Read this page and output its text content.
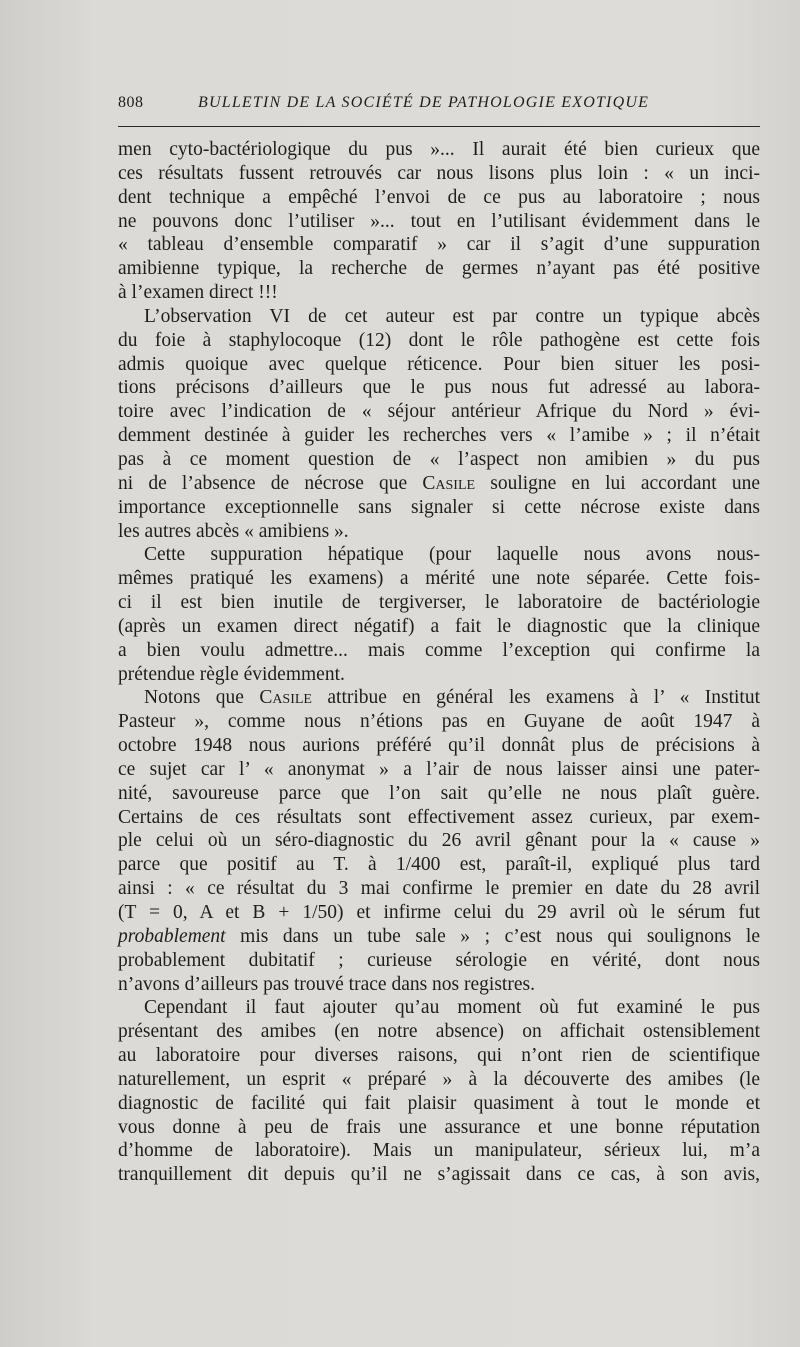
808	BULLETIN DE LA SOCIÉTÉ DE PATHOLOGIE EXOTIQUE
men cyto-bactériologique du pus »... Il aurait été bien curieux que
ces résultats fussent retrouvés car nous lisons plus loin : « un inci-
dent technique a empêché l’envoi de ce pus au laboratoire ; nous
ne pouvons donc l’utiliser »... tout en l’utilisant évidemment dans le
« tableau d’ensemble comparatif » car il s’agit d’une suppuration
amibienne typique, la recherche de germes n’ayant pas été positive
à l’examen direct !!!
L’observation VI de cet auteur est par contre un typique abcès
du foie à staphylocoque (12) dont le rôle pathogène est cette fois
admis quoique avec quelque réticence. Pour bien situer les posi-
tions précisons d’ailleurs que le pus nous fut adressé au labora-
toire avec l’indication de « séjour antérieur Afrique du Nord » évi-
demment destinée à guider les recherches vers « l’amibe » ; il n’était
pas à ce moment question de « l’aspect non amibien » du pus
ni de l’absence de nécrose que Casile souligne en lui accordant une
importance exceptionnelle sans signaler si cette nécrose existe dans
les autres abcès « amibiens ».
Cette suppuration hépatique (pour laquelle nous avons nous-
mêmes pratiqué les examens) a mérité une note séparée. Cette fois-
ci il est bien inutile de tergiverser, le laboratoire de bactériologie
(après un examen direct négatif) a fait le diagnostic que la clinique
a bien voulu admettre... mais comme l’exception qui confirme la
prétendue règle évidemment.
Notons que Casile attribue en général les examens à l’ « Institut
Pasteur », comme nous n’étions pas en Guyane de août 1947 à
octobre 1948 nous aurions préféré qu’il donnât plus de précisions à
ce sujet car l’ « anonymat » a l’air de nous laisser ainsi une pater-
nité, savoureuse parce que l’on sait qu’elle ne nous plaît guère.
Certains de ces résultats sont effectivement assez curieux, par exem-
ple celui où un séro-diagnostic du 26 avril gênant pour la « cause »
parce que positif au T. à 1/400 est, paraît-il, expliqué plus tard
ainsi : « ce résultat du 3 mai confirme le premier en date du 28 avril
(T = 0, A et B + 1/50) et infirme celui du 29 avril où le sérum fut
probablement mis dans un tube sale » ; c’est nous qui soulignons le
probablement dubitatif ; curieuse sérologie en vérité, dont nous
n’avons d’ailleurs pas trouvé trace dans nos registres.
Cependant il faut ajouter qu’au moment où fut examiné le pus
présentant des amibes (en notre absence) on affichait ostensiblement
au laboratoire pour diverses raisons, qui n’ont rien de scientifique
naturellement, un esprit « préparé » à la découverte des amibes (le
diagnostic de facilité qui fait plaisir quasiment à tout le monde et
vous donne à peu de frais une assurance et une bonne réputation
d’homme de laboratoire). Mais un manipulateur, sérieux lui, m’a
tranquillement dit depuis qu’il ne s’agissait dans ce cas, à son avis,
